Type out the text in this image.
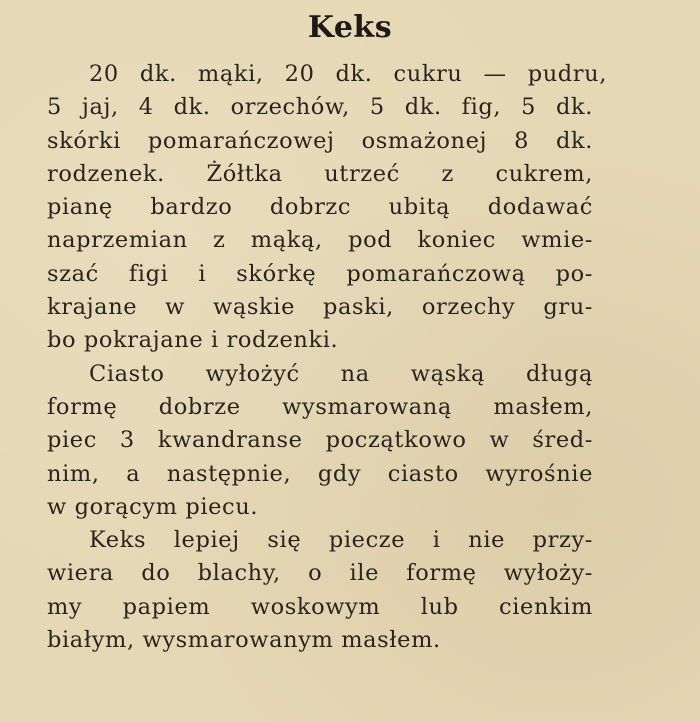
Keks
20 dk. mąki, 20 dk. cukru — pudru,
5 jaj, 4 dk. orzechów, 5 dk. fig, 5 dk.
skórki pomarańczowej osmażonej 8 dk.
rodzenek. Żółtka utrzeć z cukrem,
pianę bardzo dobrzc ubitą dodawać
naprzemian z mąką, pod koniec wmie-
szać figi i skórkę pomarańczową po-
krajane w wąskie paski, orzechy gru-
bo pokrajane i rodzenki.
Ciasto wyłożyć na wąską długą
formę dobrze wysmarowaną masłem,
piec 3 kwandranse początkowo w śred-
nim, a następnie, gdy ciasto wyrośnie
w gorącym piecu.
Keks lepiej się piecze i nie przy-
wiera do blachy, o ile formę wyłoży-
my papiem woskowym lub cienkim
białym, wysmarowanym masłem.
